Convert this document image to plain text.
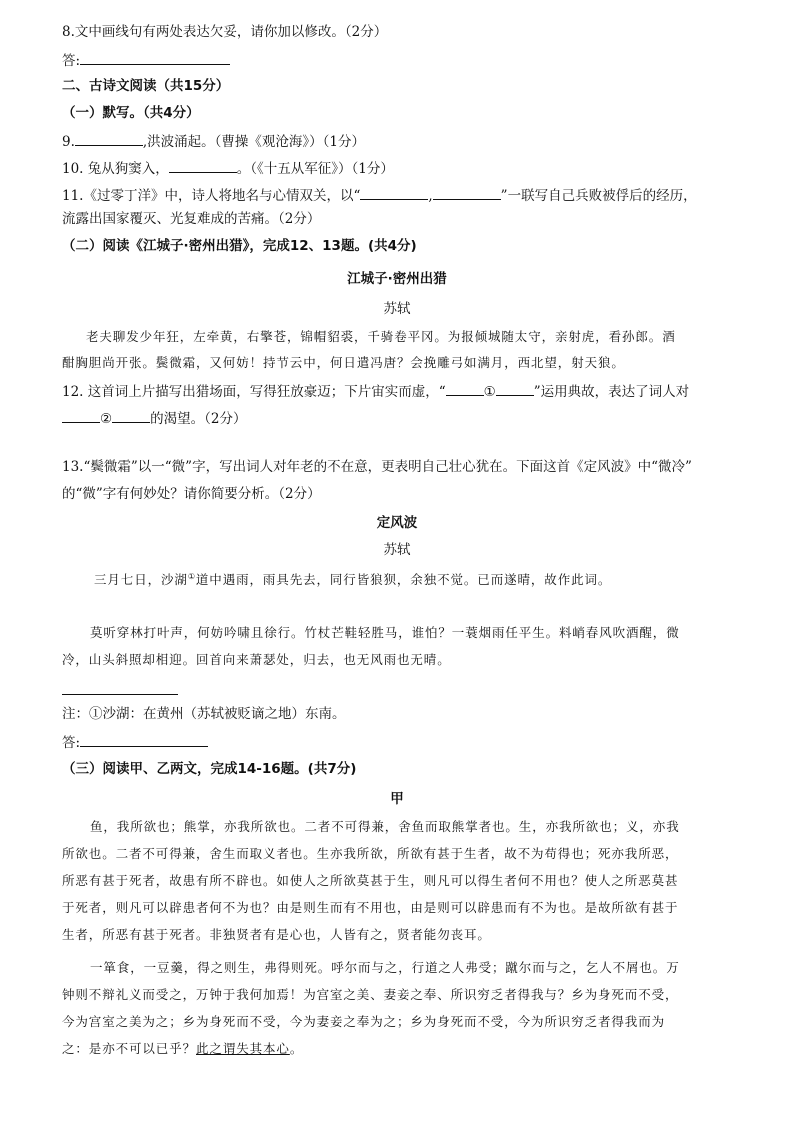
8.文中画线句有两处表达欠妥，请你加以修改。（2分）
答:
二、古诗文阅读（共15分）
（一）默写。（共4分）
9.	,洪波涌起。（曹操《观沧海》）（1分）
10. 兔从狗窦入，	。（《十五从军征》）（1分）
11.《过零丁洋》中，诗人将地名与心情双关，以“	,	”一联写自己兵败被俘后的经历，
流露出国家覆灭、光复难成的苦痛。（2分）
（二）阅读《江城子·密州出猎》，完成12、13题。(共4分)
江城子·密州出猎
苏轼
老夫聊发少年狂，左牵黄，右擎苍，锦帽貂裘，千骑卷平冈。为报倾城随太守，亲射虎，看孙郎。酒
酣胸胆尚开张。鬓微霜，又何妨！持节云中，何日遣冯唐？会挽雕弓如满月，西北望，射天狼。
12. 这首词上片描写出猎场面，写得狂放豪迈；下片宙实而虚，“	①	”运用典故，表达了词人对
②	的渴望。（2分）
13.“鬓微霜”以一“微”字，写出词人对年老的不在意，更表明自己壮心犹在。下面这首《定风波》中“微冷”
的“微”字有何妙处？请你简要分析。（2分）
定风波
苏轼
三月七日，沙湖①道中遇雨，雨具先去，同行皆狼狈，余独不觉。已而遂晴，故作此词。
莫听穿林打叶声，何妨吟啸且徐行。竹杖芒鞋轻胜马，谁怕？一蓑烟雨任平生。料峭春风吹酒醒，微
冷，山头斜照却相迎。回首向来萧瑟处，归去，也无风雨也无晴。
注：①沙湖：在黄州（苏轼被贬谪之地）东南。
答:
（三）阅读甲、乙两文，完成14-16题。(共7分)
甲
鱼，我所欲也；熊掌，亦我所欲也。二者不可得兼，舍鱼而取熊掌者也。生，亦我所欲也；义，亦我
所欲也。二者不可得兼，舍生而取义者也。生亦我所欲，所欲有甚于生者，故不为苟得也；死亦我所恶，
所恶有甚于死者，故患有所不辟也。如使人之所欲莫甚于生，则凡可以得生者何不用也？使人之所恶莫甚
于死者，则凡可以辟患者何不为也？由是则生而有不用也，由是则可以辟患而有不为也。是故所欲有甚于
生者，所恶有甚于死者。非独贤者有是心也，人皆有之，贤者能勿丧耳。
一箪食，一豆羹，得之则生，弗得则死。呼尔而与之，行道之人弗受；蹴尔而与之，乞人不屑也。万
钟则不辩礼义而受之，万钟于我何加焉！为宫室之美、妻妾之奉、所识穷乏者得我与？乡为身死而不受，
今为宫室之美为之；乡为身死而不受，今为妻妾之奉为之；乡为身死而不受，今为所识穷乏者得我而为
之：是亦不可以已乎？此之谓失其本心。
